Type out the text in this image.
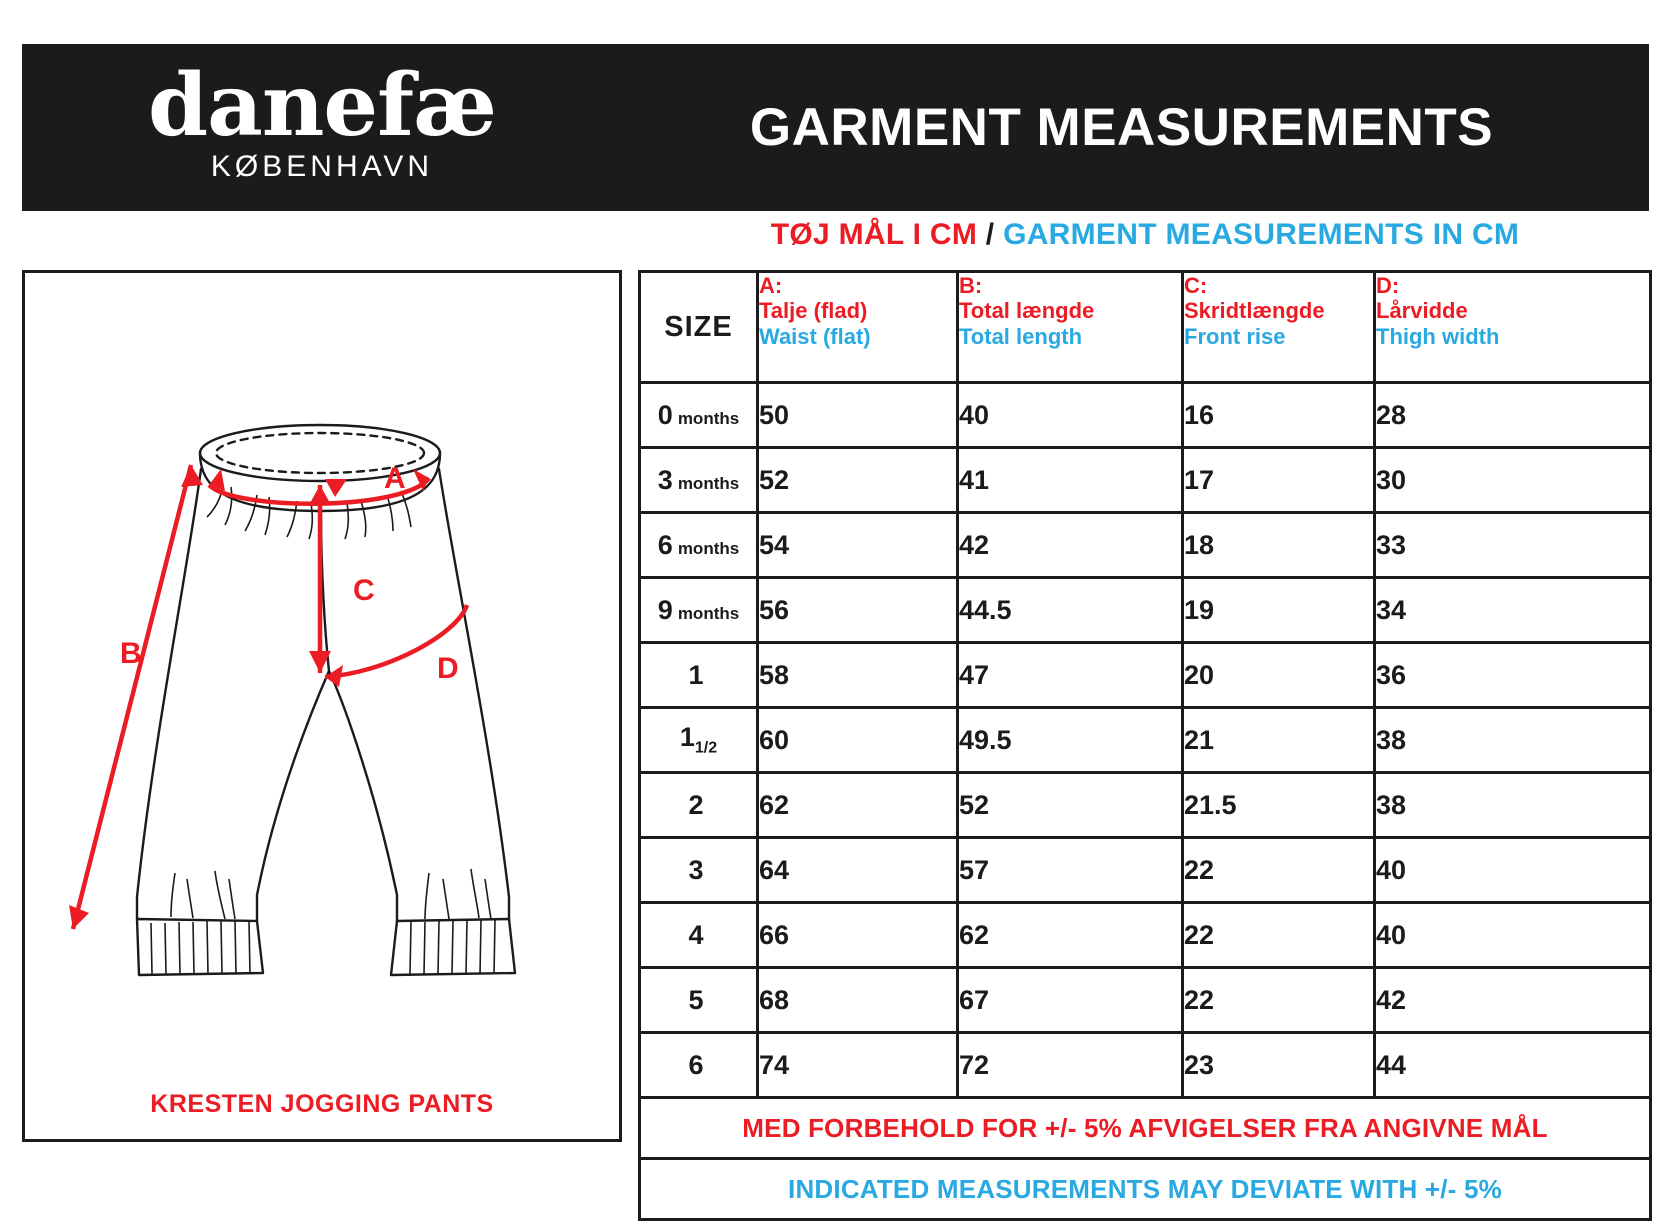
danefæ
KØBENHAVN
GARMENT MEASUREMENTS
TØJ MÅL I CM / GARMENT MEASUREMENTS IN CM
A
B
C
D
KRESTEN JOGGING PANTS
SIZE	
A:
Talje (flad)
Waist (flat)

B:
Total længde
Total length

C:
Skridtlængde
Front rise

D:
Lårvidde
Thigh width

0 months	50	40	16	28
3 months	52	41	17	30
6 months	54	42	18	33
9 months	56	44.5	19	34
1	58	47	20	36
$1_{1/2}$	60	49.5	21	38
2	62	52	21.5	38
3	64	57	22	40
4	66	62	22	40
5	68	67	22	42
6	74	72	23	44
MED FORBEHOLD FOR +/- 5% AFVIGELSER FRA ANGIVNE MÅL				
INDICATED MEASUREMENTS MAY DEVIATE WITH +/- 5%				
